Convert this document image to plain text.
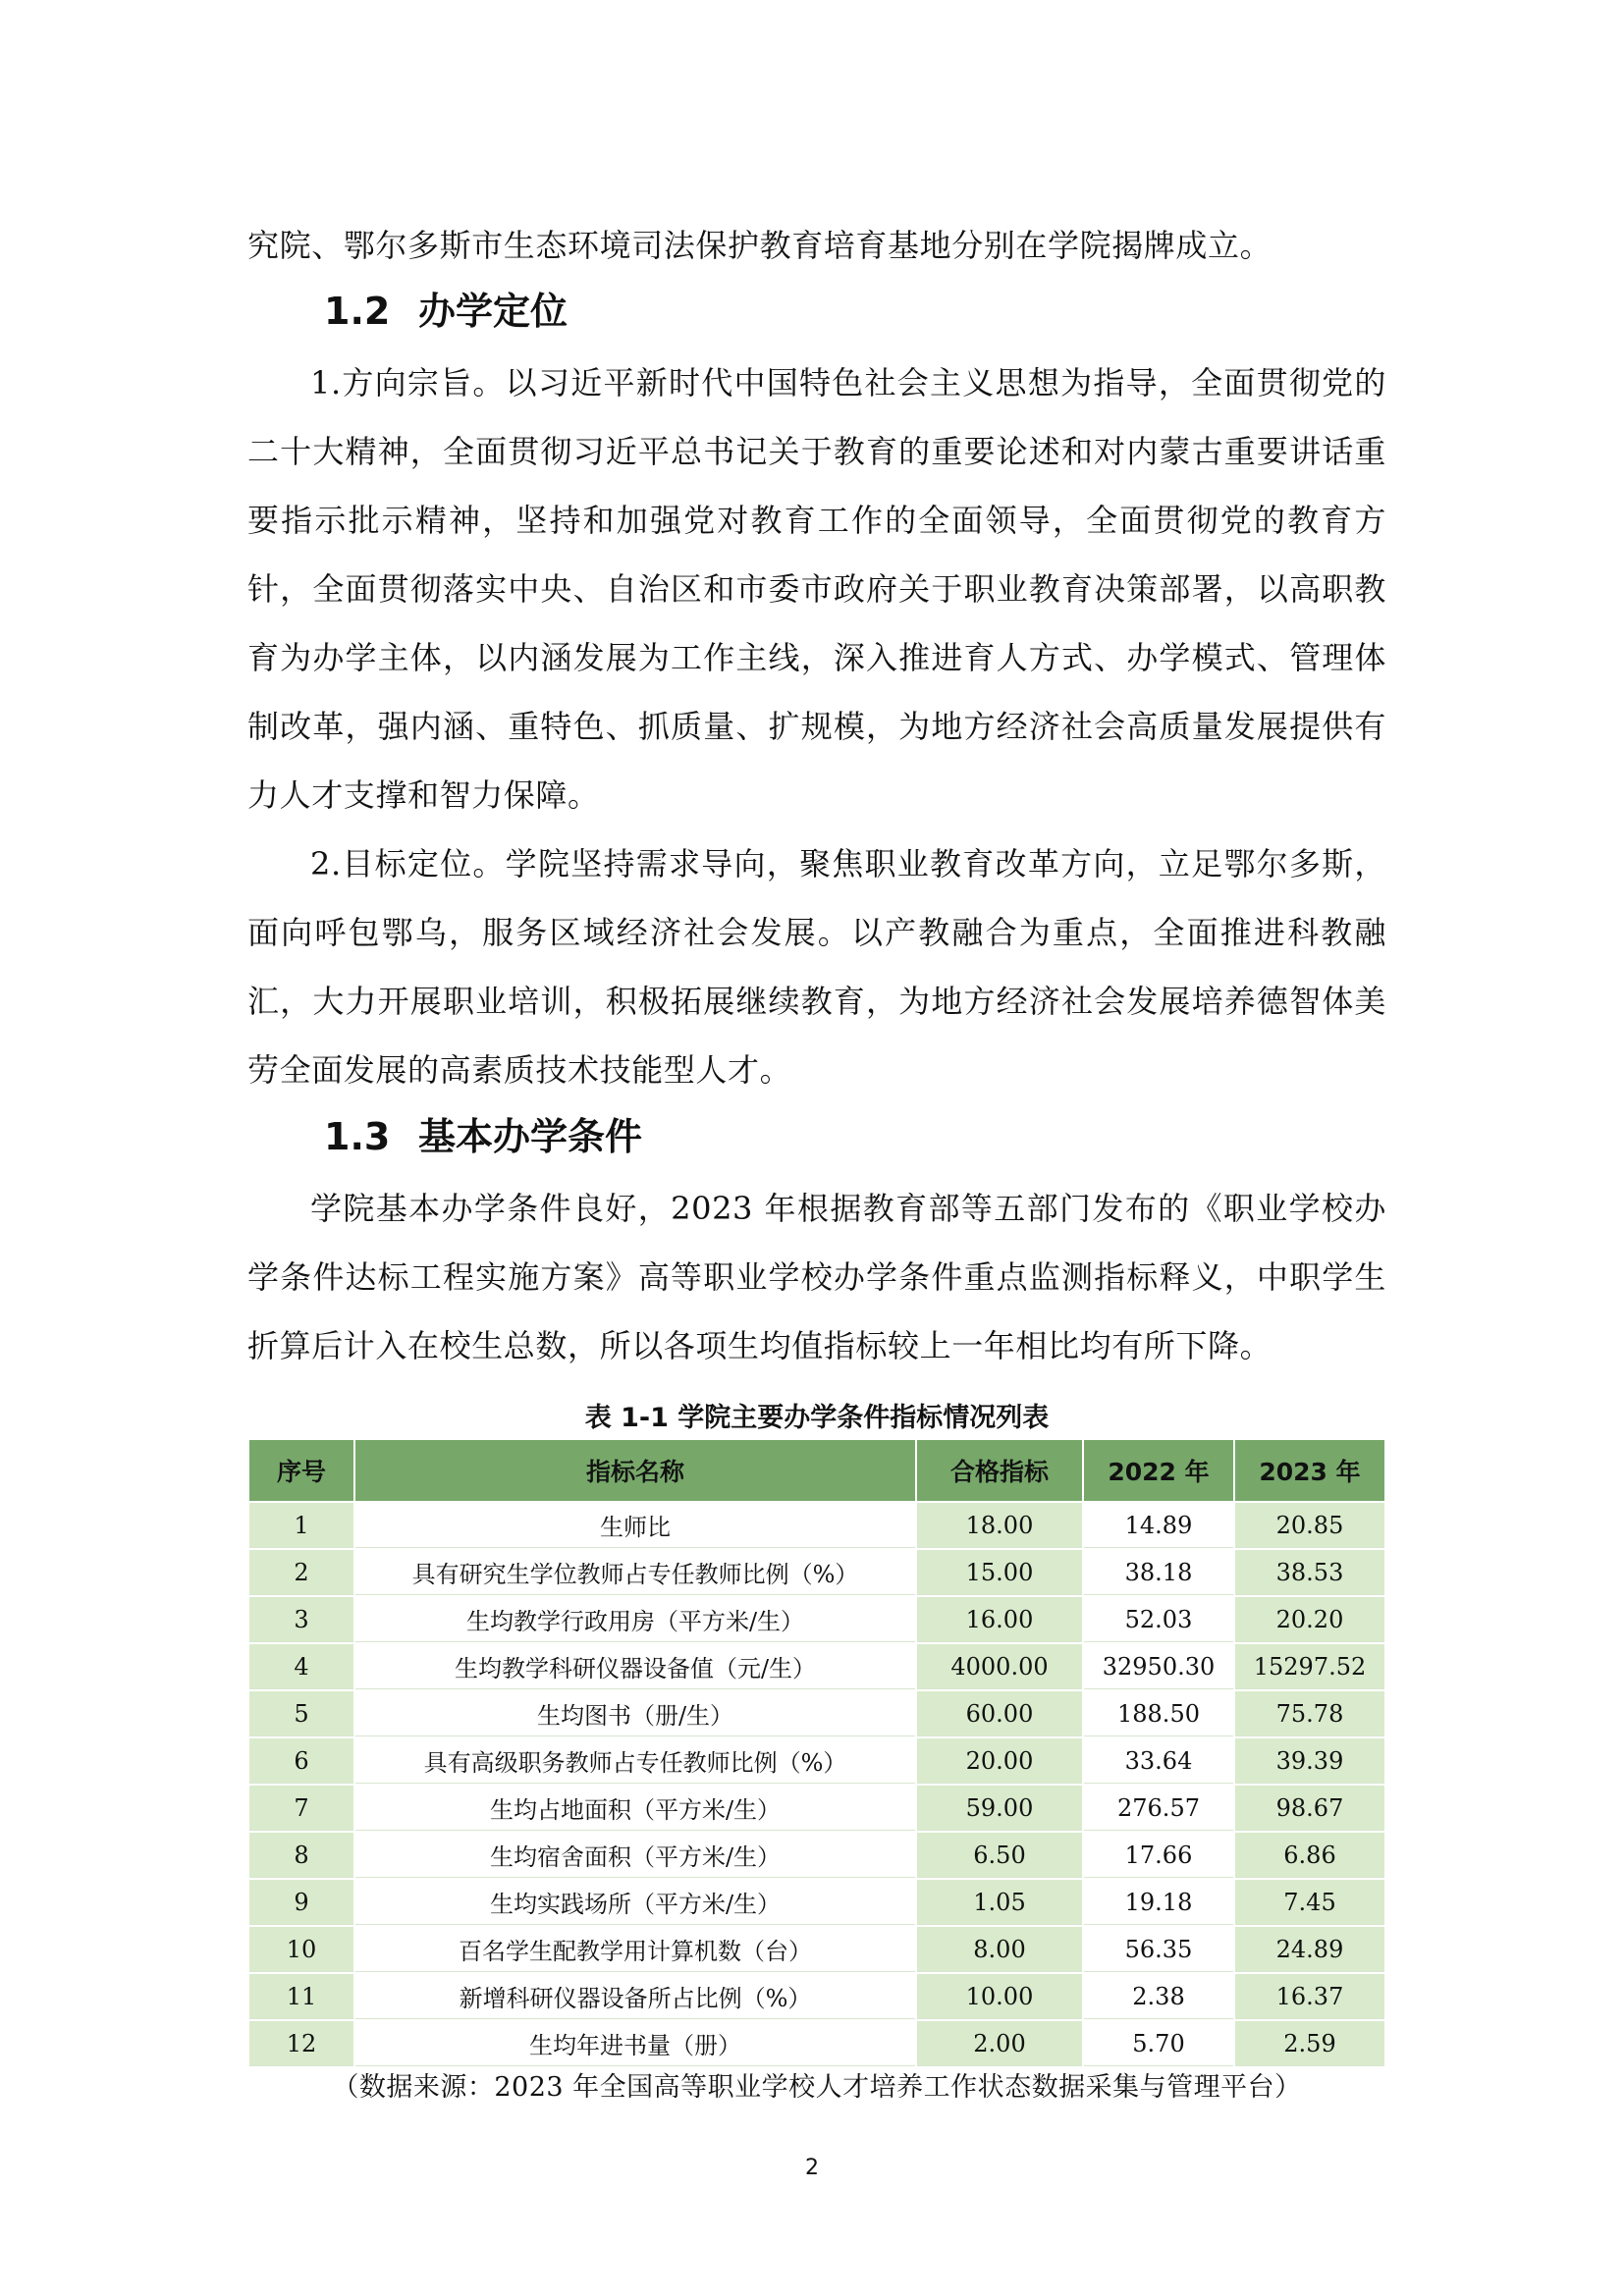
究院、鄂尔多斯市生态环境司法保护教育培育基地分别在学院揭牌成立。

1.2 办学定位

1.方向宗旨。以习近平新时代中国特色社会主义思想为指导，全面贯彻党的二十大精神，全面贯彻习近平总书记关于教育的重要论述和对内蒙古重要讲话重要指示批示精神，坚持和加强党对教育工作的全面领导，全面贯彻党的教育方针，全面贯彻落实中央、自治区和市委市政府关于职业教育决策部署，以高职教育为办学主体，以内涵发展为工作主线，深入推进育人方式、办学模式、管理体制改革，强内涵、重特色、抓质量、扩规模，为地方经济社会高质量发展提供有力人才支撑和智力保障。

2.目标定位。学院坚持需求导向，聚焦职业教育改革方向，立足鄂尔多斯，面向呼包鄂乌，服务区域经济社会发展。以产教融合为重点，全面推进科教融汇，大力开展职业培训，积极拓展继续教育，为地方经济社会发展培养德智体美劳全面发展的高素质技术技能型人才。

1.3 基本办学条件

学院基本办学条件良好，2023 年根据教育部等五部门发布的《职业学校办学条件达标工程实施方案》高等职业学校办学条件重点监测指标释义，中职学生折算后计入在校生总数，所以各项生均值指标较上一年相比均有所下降。

表 1-1 学院主要办学条件指标情况列表
序号	指标名称	合格指标	2022 年	2023 年
1	生师比	18.00	14.89	20.85
2	具有研究生学位教师占专任教师比例（%）	15.00	38.18	38.53
3	生均教学行政用房（平方米/生）	16.00	52.03	20.20
4	生均教学科研仪器设备值（元/生）	4000.00	32950.30	15297.52
5	生均图书（册/生）	60.00	188.50	75.78
6	具有高级职务教师占专任教师比例（%）	20.00	33.64	39.39
7	生均占地面积（平方米/生）	59.00	276.57	98.67
8	生均宿舍面积（平方米/生）	6.50	17.66	6.86
9	生均实践场所（平方米/生）	1.05	19.18	7.45
10	百名学生配教学用计算机数（台）	8.00	56.35	24.89
11	新增科研仪器设备所占比例（%）	10.00	2.38	16.37
12	生均年进书量（册）	2.00	5.70	2.59
（数据来源：2023 年全国高等职业学校人才培养工作状态数据采集与管理平台）
2
